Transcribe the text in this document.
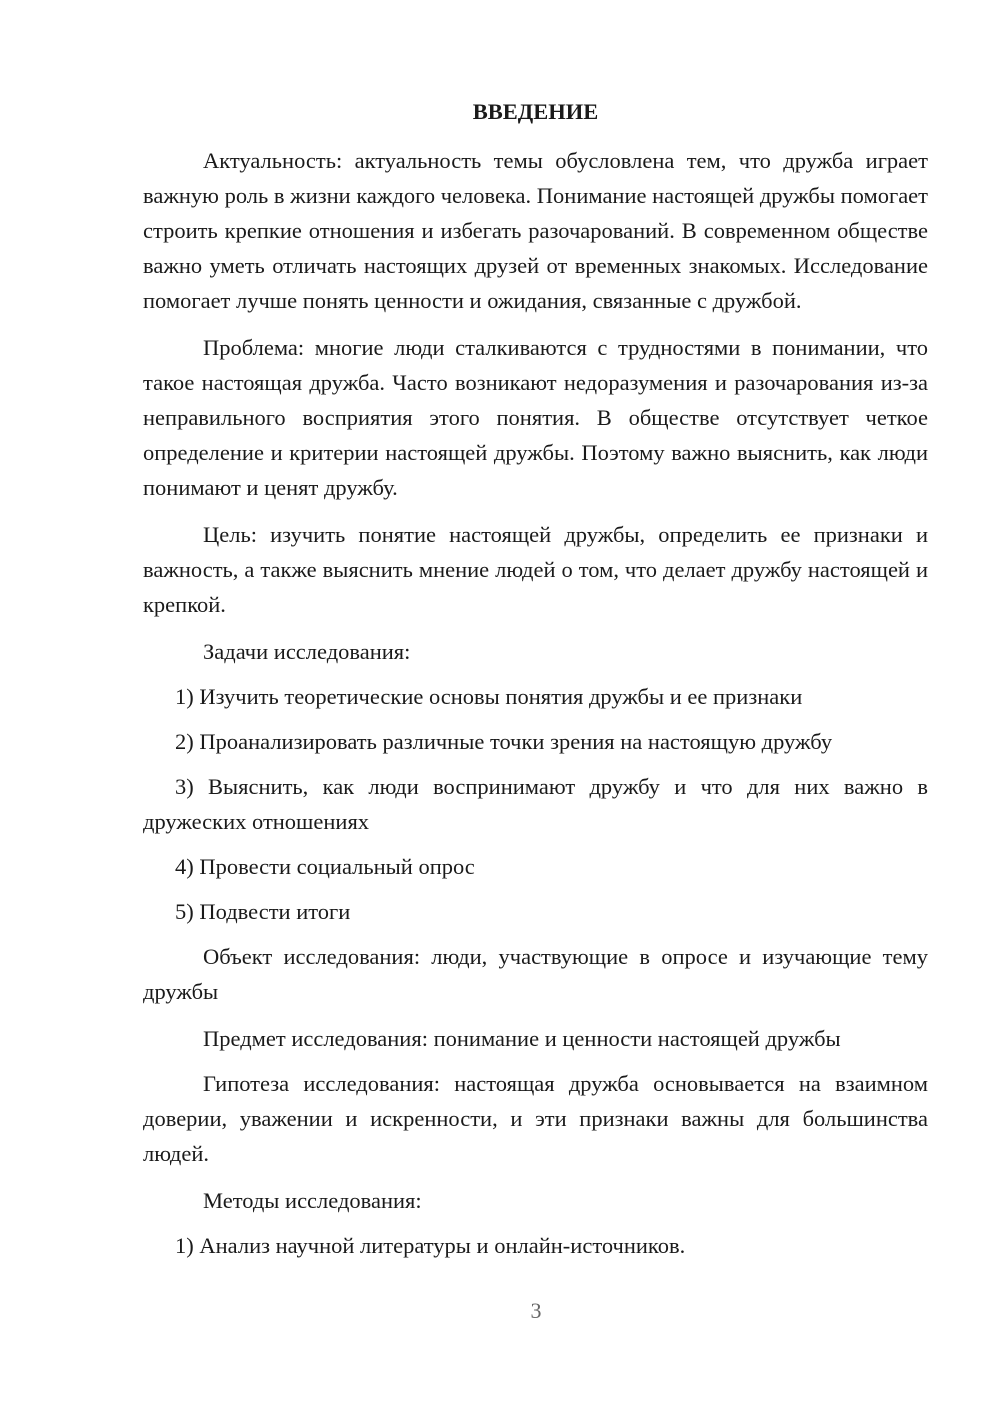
ВВЕДЕНИЕ

Актуальность: актуальность темы обусловлена тем, что дружба играет важную роль в жизни каждого человека. Понимание настоящей дружбы помогает строить крепкие отношения и избегать разочарований. В современном обществе важно уметь отличать настоящих друзей от временных знакомых. Исследование помогает лучше понять ценности и ожидания, связанные с дружбой.

Проблема: многие люди сталкиваются с трудностями в понимании, что такое настоящая дружба. Часто возникают недоразумения и разочарования из-за неправильного восприятия этого понятия. В обществе отсутствует четкое определение и критерии настоящей дружбы. Поэтому важно выяснить, как люди понимают и ценят дружбу.

Цель: изучить понятие настоящей дружбы, определить ее признаки и важность, а также выяснить мнение людей о том, что делает дружбу настоящей и крепкой.

Задачи исследования:

1) Изучить теоретические основы понятия дружбы и ее признаки

2) Проанализировать различные точки зрения на настоящую дружбу

3) Выяснить, как люди воспринимают дружбу и что для них важно в дружеских отношениях

4) Провести социальный опрос

5) Подвести итоги

Объект исследования: люди, участвующие в опросе и изучающие тему дружбы

Предмет исследования: понимание и ценности настоящей дружбы

Гипотеза исследования: настоящая дружба основывается на взаимном доверии, уважении и искренности, и эти признаки важны для большинства людей.

Методы исследования:

1) Анализ научной литературы и онлайн-источников.

3
